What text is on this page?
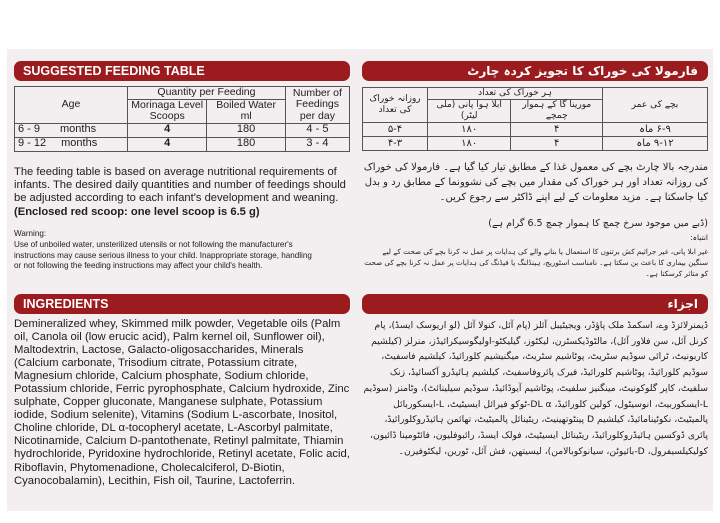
SUGGESTED FEEDING TABLE
Age	Quantity per Feeding		Number of Feedings per day
	Morinaga Level Scoops	Boiled Water ml	
6 - 9 months	4	180	4 - 5
9 - 12 months	4	180	3 - 4

The feeding table is based on average nutritional requirements of infants. The desired daily quantities and number of feedings should be adjusted according to each infant's development and weaning.

(Enclosed red scoop: one level scoop is 6.5 g)

Warning:

Use of unboiled water, unsterilized utensils or not following the manufacturer's instructions may cause serious illness to your child. Inappropriate storage, handling or not following the feeding instructions may affect your child's health.

فارمولا کی خوراک کا تجویز کردہ چارٹ
بچے کی عمر	ہر خوراک کی تعداد		روزانہ خوراک کی تعداد
	مورینا گا کے ہموار چمچے	ابلا ہوا پانی (ملی لیٹر)	
۶-۹ ماہ	۴	۱۸۰	۵-۴
۹-۱۲ ماہ	۴	۱۸۰	۴-۳

مندرجہ بالا چارٹ بچے کی معمول غذا کے مطابق تیار کیا گیا ہے۔ فارمولا کی خوراک کی روزانہ تعداد اور ہر خوراک کی مقدار میں بچے کی نشوونما کے مطابق رد و بدل کیا جاسکتا ہے۔ مزید معلومات کے لیے اپنے ڈاکٹر سے رجوع کریں۔

(ڈبے میں موجود سرخ چمچ کا ہموار چمچ 6.5 گرام ہے)

انتباہ:

غیر ابلا پانی، غیر جراثیم کش برتنوں کا استعمال یا بنانے والے کی ہدایات پر عمل نہ کرنا بچے کی صحت کے لیے سنگین بیماری کا باعث بن سکتا ہے۔ نامناسب اسٹوریج، ہینڈلنگ یا فیڈنگ کی ہدایات پر عمل نہ کرنا بچے کی صحت کو متاثر کرسکتا ہے۔

INGREDIENTS

Demineralized whey, Skimmed milk powder, Vegetable oils (Palm oil, Canola oil (low erucic acid), Palm kernel oil, Sunflower oil), Maltodextrin, Lactose, Galacto-oligosaccharides, Minerals (Calcium carbonate, Trisodium citrate, Potassium citrate, Magnesium chloride, Calcium phosphate, Sodium chloride, Potassium chloride, Ferric pyrophosphate, Calcium hydroxide, Zinc sulphate, Copper gluconate, Manganese sulphate, Potassium iodide, Sodium selenite), Vitamins (Sodium L-ascorbate, Inositol, Choline chloride, DL α-tocopheryl acetate, L-Ascorbyl palmitate, Nicotinamide, Calcium D-pantothenate, Retinyl palmitate, Thiamin hydrochloride, Pyridoxine hydrochloride, Retinyl acetate, Folic acid, Riboflavin, Phytomenadione, Cholecalciferol, D-Biotin, Cyanocobalamin), Lecithin, Fish oil, Taurine, Lactoferrin.

اجزاء

ڈیمنرلائزڈ وے، اسکمڈ ملک پاؤڈر، ویجیٹیبل آئلز (پام آئل، کنولا آئل (لو اریوسک ایسڈ)، پام کرنل آئل، سن فلاور آئل)، مالٹوڈیکسٹرن، لیکٹوز، گیلیکٹو-اولیگوسیکرائیڈز، منرلز (کیلشیم کاربونیٹ، ٹرائی سوڈیم سٹریٹ، پوٹاشیم سٹریٹ، میگنیشیم کلورائیڈ، کیلشیم فاسفیٹ، سوڈیم کلورائیڈ، پوٹاشیم کلورائیڈ، فیرک پائروفاسفیٹ، کیلشیم ہائیڈرو آکسائیڈ، زنک سلفیٹ، کاپر گلوکونیٹ، مینگنیز سلفیٹ، پوٹاشیم آیوڈائیڈ، سوڈیم سیلینائٹ)، وٹامنز (سوڈیم L-ایسکوربیٹ، انوسیٹول، کولین کلورائیڈ، DL α-ٹوکو فیرائل ایسیٹیٹ، L-ایسکوربائل پالمیٹیٹ، نکوٹینامائیڈ، کیلشیم D پینٹوتھینیٹ، ریٹینائل پالمیٹیٹ، تھائمن ہائیڈروکلورائیڈ، پائری ڈوکسین ہائیڈروکلورائیڈ، ریٹینائل ایسیٹیٹ، فولک ایسڈ، رائبوفلیون، فائٹومینا ڈائیون، کولیکیلسیفرول، D-بائیوٹن، سیانوکوبالامن)، لیسیتھن، فش آئل، ٹورین، لیکٹوفیرن۔
